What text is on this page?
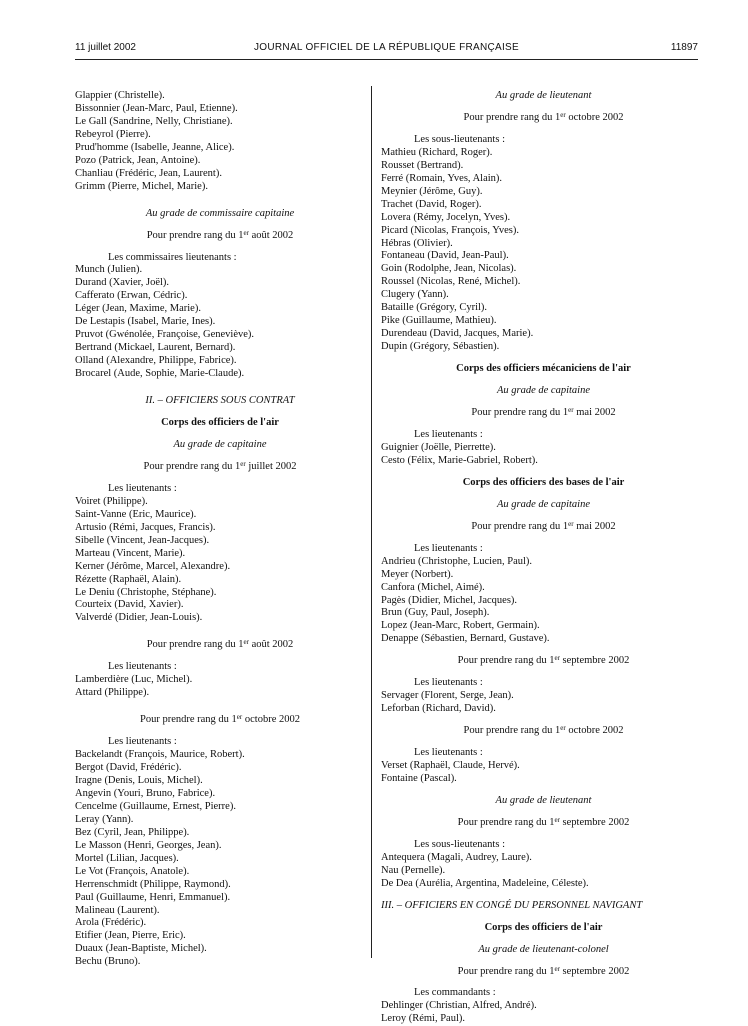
11 juillet 2002	JOURNAL OFFICIEL DE LA RÉPUBLIQUE FRANÇAISE	11897
Glappier (Christelle).
Bissonnier (Jean-Marc, Paul, Etienne).
Le Gall (Sandrine, Nelly, Christiane).
Rebeyrol (Pierre).
Prud'homme (Isabelle, Jeanne, Alice).
Pozo (Patrick, Jean, Antoine).
Chanliau (Frédéric, Jean, Laurent).
Grimm (Pierre, Michel, Marie).
Au grade de commissaire capitaine
Pour prendre rang du 1er août 2002
Les commissaires lieutenants :
Munch (Julien).
Durand (Xavier, Joël).
Cafferato (Erwan, Cédric).
Léger (Jean, Maxime, Marie).
De Lestapis (Isabel, Marie, Ines).
Pruvot (Gwénolée, Françoise, Geneviève).
Bertrand (Mickael, Laurent, Bernard).
Olland (Alexandre, Philippe, Fabrice).
Brocarel (Aude, Sophie, Marie-Claude).
II. – OFFICIERS SOUS CONTRAT
Corps des officiers de l'air
Au grade de capitaine
Pour prendre rang du 1er juillet 2002
Les lieutenants :
Voiret (Philippe).
Saint-Vanne (Eric, Maurice).
Artusio (Rémi, Jacques, Francis).
Sibelle (Vincent, Jean-Jacques).
Marteau (Vincent, Marie).
Kerner (Jérôme, Marcel, Alexandre).
Rézette (Raphaël, Alain).
Le Deniu (Christophe, Stéphane).
Courteix (David, Xavier).
Valverdé (Didier, Jean-Louis).
Pour prendre rang du 1er août 2002
Les lieutenants :
Lamberdière (Luc, Michel).
Attard (Philippe).
Pour prendre rang du 1er octobre 2002
Les lieutenants :
Backelandt (François, Maurice, Robert).
Bergot (David, Frédéric).
Iragne (Denis, Louis, Michel).
Angevin (Youri, Bruno, Fabrice).
Cencelme (Guillaume, Ernest, Pierre).
Leray (Yann).
Bez (Cyril, Jean, Philippe).
Le Masson (Henri, Georges, Jean).
Mortel (Lilian, Jacques).
Le Vot (François, Anatole).
Herrenschmidt (Philippe, Raymond).
Paul (Guillaume, Henri, Emmanuel).
Malineau (Laurent).
Arola (Frédéric).
Etifier (Jean, Pierre, Eric).
Duaux (Jean-Baptiste, Michel).
Bechu (Bruno).
Au grade de lieutenant
Pour prendre rang du 1er octobre 2002
Les sous-lieutenants :
Mathieu (Richard, Roger).
Rousset (Bertrand).
Ferré (Romain, Yves, Alain).
Meynier (Jérôme, Guy).
Trachet (David, Roger).
Lovera (Rémy, Jocelyn, Yves).
Picard (Nicolas, François, Yves).
Hébras (Olivier).
Fontaneau (David, Jean-Paul).
Goin (Rodolphe, Jean, Nicolas).
Roussel (Nicolas, René, Michel).
Clugery (Yann).
Bataille (Grégory, Cyril).
Pike (Guillaume, Mathieu).
Durendeau (David, Jacques, Marie).
Dupin (Grégory, Sébastien).
Corps des officiers mécaniciens de l'air
Au grade de capitaine
Pour prendre rang du 1er mai 2002
Les lieutenants :
Guignier (Joëlle, Pierrette).
Cesto (Félix, Marie-Gabriel, Robert).
Corps des officiers des bases de l'air
Au grade de capitaine
Pour prendre rang du 1er mai 2002
Les lieutenants :
Andrieu (Christophe, Lucien, Paul).
Meyer (Norbert).
Canfora (Michel, Aimé).
Pagès (Didier, Michel, Jacques).
Brun (Guy, Paul, Joseph).
Lopez (Jean-Marc, Robert, Germain).
Denappe (Sébastien, Bernard, Gustave).
Pour prendre rang du 1er septembre 2002
Les lieutenants :
Servager (Florent, Serge, Jean).
Leforban (Richard, David).
Pour prendre rang du 1er octobre 2002
Les lieutenants :
Verset (Raphaël, Claude, Hervé).
Fontaine (Pascal).
Au grade de lieutenant
Pour prendre rang du 1er septembre 2002
Les sous-lieutenants :
Antequera (Magali, Audrey, Laure).
Nau (Pernelle).
De Dea (Aurélia, Argentina, Madeleine, Céleste).
III. – OFFICIERS EN CONGÉ DU PERSONNEL NAVIGANT
Corps des officiers de l'air
Au grade de lieutenant-colonel
Pour prendre rang du 1er septembre 2002
Les commandants :
Dehlinger (Christian, Alfred, André).
Leroy (Rémi, Paul).
